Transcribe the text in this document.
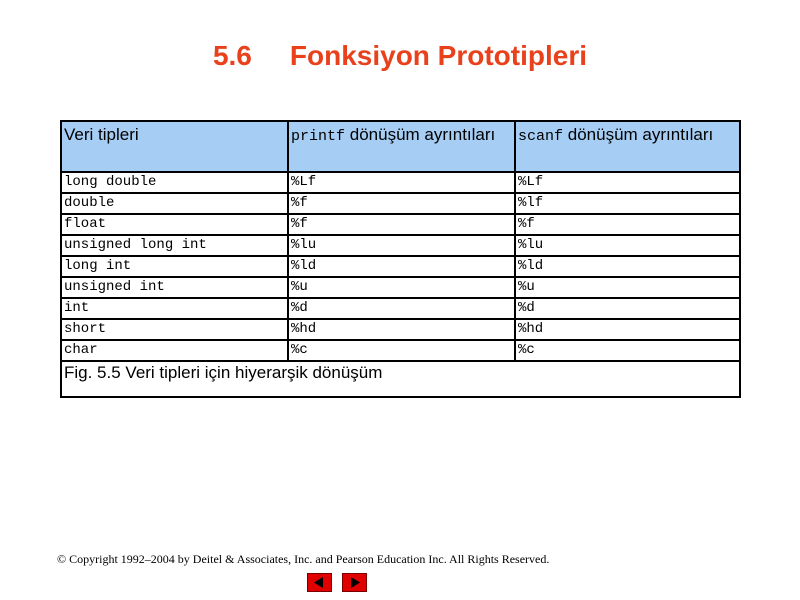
5.6 Fonksiyon Prototipleri
Veri tipleri	printf dönüşüm ayrıntıları	scanf dönüşüm ayrıntıları
long double	%Lf	%Lf
double	%f	%lf
float	%f	%f
unsigned long int	%lu	%lu
long int	%ld	%ld
unsigned int	%u	%u
int	%d	%d
short	%hd	%hd
char	%c	%c
Fig. 5.5 Veri tipleri için hiyerarşik dönüşüm		
© Copyright 1992–2004 by Deitel & Associates, Inc. and Pearson Education Inc. All Rights Reserved.
